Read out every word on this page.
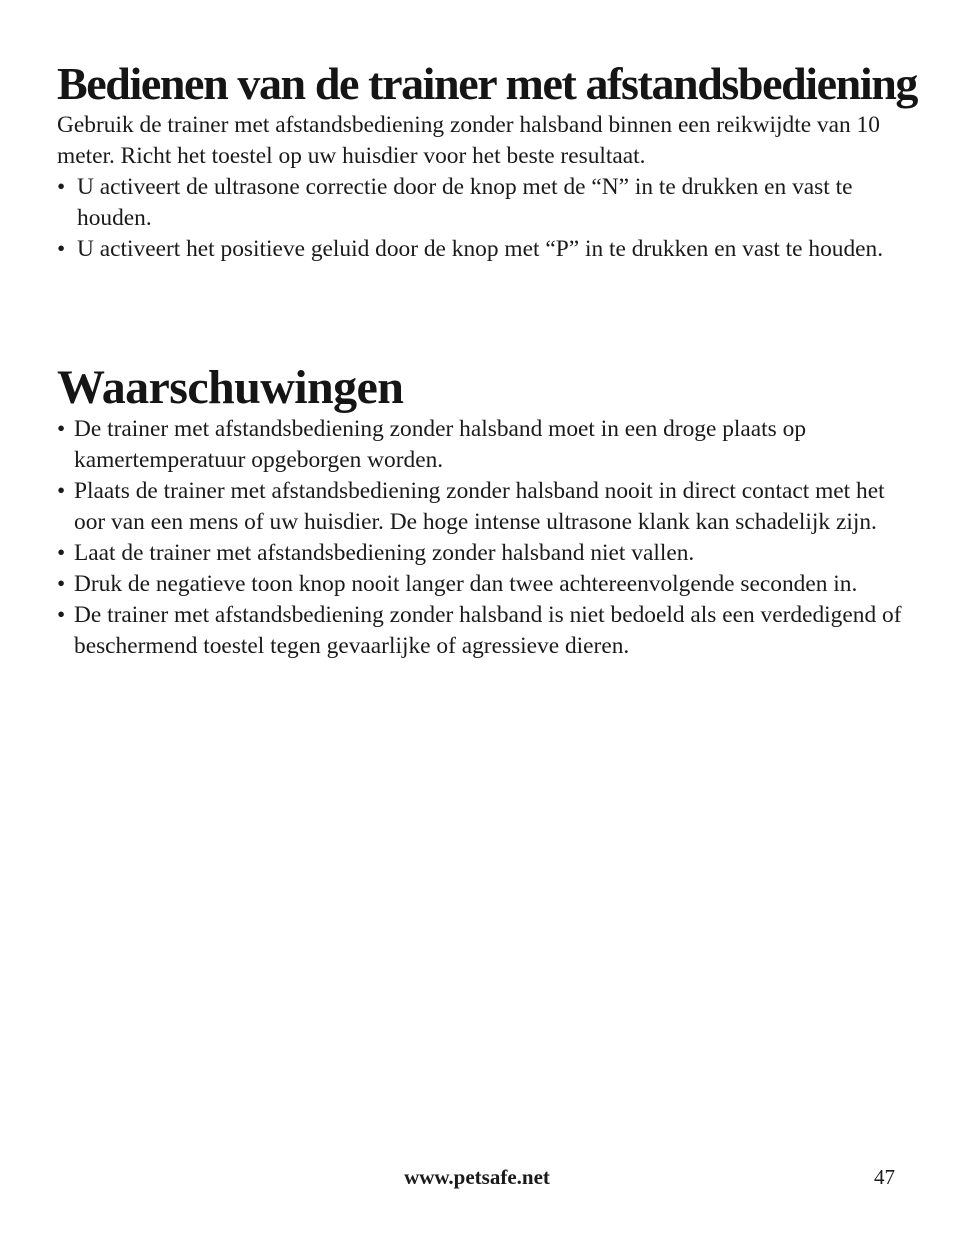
Bedienen van de trainer met afstandsbediening

Gebruik de trainer met afstandsbediening zonder halsband binnen een reikwijdte van 10 meter. Richt het toestel op uw huisdier voor het beste resultaat.

• U activeert de ultrasone correctie door de knop met de “N” in te drukken en vast te houden.
• U activeert het positieve geluid door de knop met “P” in te drukken en vast te houden.
Waarschuwingen
• De trainer met afstandsbediening zonder halsband moet in een droge plaats op kamertemperatuur opgeborgen worden.
• Plaats de trainer met afstandsbediening zonder halsband nooit in direct contact met het oor van een mens of uw huisdier. De hoge intense ultrasone klank kan schadelijk zijn.
• Laat de trainer met afstandsbediening zonder halsband niet vallen.
• Druk de negatieve toon knop nooit langer dan twee achtereenvolgende seconden in.
• De trainer met afstandsbediening zonder halsband is niet bedoeld als een verdedigend of beschermend toestel tegen gevaarlijke of agressieve dieren.
www.petsafe.net	47
